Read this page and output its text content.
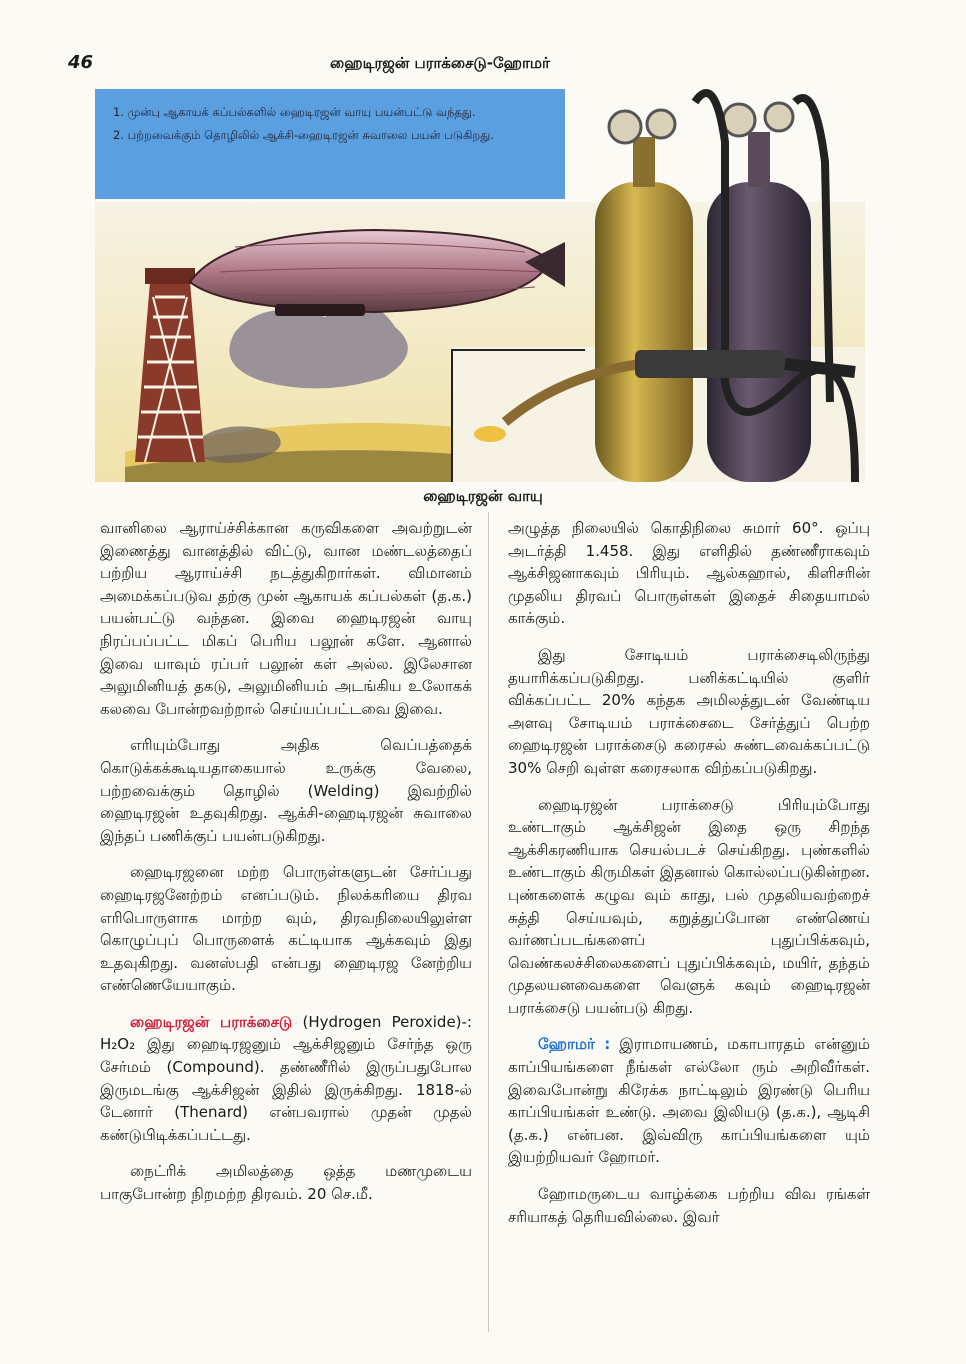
46	ஹைடிரஜன் பராக்சைடு-ஹோமர்
1. முன்பு ஆகாயக் கப்பல்களில் ஹைடிரஜன் வாயு பயன்பட்டு வந்தது.
2. பற்றவைக்கும் தொழிலில் ஆக்சி-ஹைடிரஜன் சுவாலை பயன் படுகிறது.
ஹைடிரஜன் வாயு

வானிலை ஆராய்ச்சிக்கான கருவிகளை அவற்றுடன் இணைத்து வானத்தில் விட்டு, வான மண்டலத்தைப் பற்றிய ஆராய்ச்சி நடத்துகிறார்கள். விமானம் அமைக்கப்படுவ தற்கு முன் ஆகாயக் கப்பல்கள் (த.க.) பயன்பட்டு வந்தன. இவை ஹைடிரஜன் வாயு நிரப்பப்பட்ட மிகப் பெரிய பலூன் களே. ஆனால் இவை யாவும் ரப்பர் பலூன் கள் அல்ல. இலேசான அலுமினியத் தகடு, அலுமினியம் அடங்கிய உலோகக் கலவை போன்றவற்றால் செய்யப்பட்டவை இவை.

எரியும்போது அதிக வெப்பத்தைக் கொடுக்கக்கூடியதாகையால் உருக்கு வேலை, பற்றவைக்கும் தொழில் (Welding) இவற்றில் ஹைடிரஜன் உதவுகிறது. ஆக்சி-ஹைடிரஜன் சுவாலை இந்தப் பணிக்குப் பயன்படுகிறது.

ஹைடிரஜனை மற்ற பொருள்களுடன் சேர்ப்பது ஹைடிரஜனேற்றம் எனப்படும். நிலக்கரியை திரவ எரிபொருளாக மாற்ற வும், திரவநிலையிலுள்ள கொழுப்புப் பொருளைக் கட்டியாக ஆக்கவும் இது உதவுகிறது. வனஸ்பதி என்பது ஹைடிரஜ னேற்றிய எண்ணெயேயாகும்.

ஹைடிரஜன் பராக்சைடு (Hydrogen Peroxide)-: H₂O₂ இது ஹைடிரஜனும் ஆக்சிஜனும் சேர்ந்த ஒரு சேர்மம் (Compound). தண்ணீரில் இருப்பதுபோல இருமடங்கு ஆக்சிஜன் இதில் இருக்கிறது. 1818-ல் டேனார் (Thenard) என்பவரால் முதன் முதல் கண்டுபிடிக்கப்பட்டது.

நைட்ரிக் அமிலத்தை ஒத்த மணமுடைய பாகுபோன்ற நிறமற்ற திரவம். 20 செ.மீ.

அழுத்த நிலையில் கொதிநிலை சுமார் 60°. ஒப்பு அடர்த்தி 1.458. இது எளிதில் தண்ணீராகவும் ஆக்சிஜனாகவும் பிரியும். ஆல்கஹால், கிளிசரின் முதலிய திரவப் பொருள்கள் இதைச் சிதையாமல் காக்கும்.

இது சோடியம் பராக்சைடிலிருந்து தயாரிக்கப்படுகிறது. பனிக்கட்டியில் குளிர் விக்கப்பட்ட 20% கந்தக அமிலத்துடன் வேண்டிய அளவு சோடியம் பராக்சைடை சேர்த்துப் பெற்ற ஹைடிரஜன் பராக்சைடு கரைசல் சுண்டவைக்கப்பட்டு 30% செறி வுள்ள கரைசலாக விற்கப்படுகிறது.

ஹைடிரஜன் பராக்சைடு பிரியும்போது உண்டாகும் ஆக்சிஜன் இதை ஒரு சிறந்த ஆக்சிகரணியாக செயல்படச் செய்கிறது. புண்களில் உண்டாகும் கிருமிகள் இதனால் கொல்லப்படுகின்றன. புண்களைக் கழுவ வும் காது, பல் முதலியவற்றைச் சுத்தி செய்யவும், கறுத்துப்போன எண்ணெய் வர்ணப்படங்களைப் புதுப்பிக்கவும், வெண்கலச்சிலைகளைப் புதுப்பிக்கவும், மயிர், தந்தம் முதலயனவைகளை வெளுக் கவும் ஹைடிரஜன் பராக்சைடு பயன்படு கிறது.

ஹோமர் : இராமாயணம், மகாபாரதம் என்னும் காப்பியங்களை நீங்கள் எல்லோ ரும் அறிவீர்கள். இவைபோன்று கிரேக்க நாட்டிலும் இரண்டு பெரிய காப்பியங்கள் உண்டு. அவை இலியடு (த.க.), ஆடிசி (த.க.) என்பன. இவ்விரு காப்பியங்களை யும் இயற்றியவர் ஹோமர்.

ஹோமருடைய வாழ்க்கை பற்றிய விவ ரங்கள் சரியாகத் தெரியவில்லை. இவர்
